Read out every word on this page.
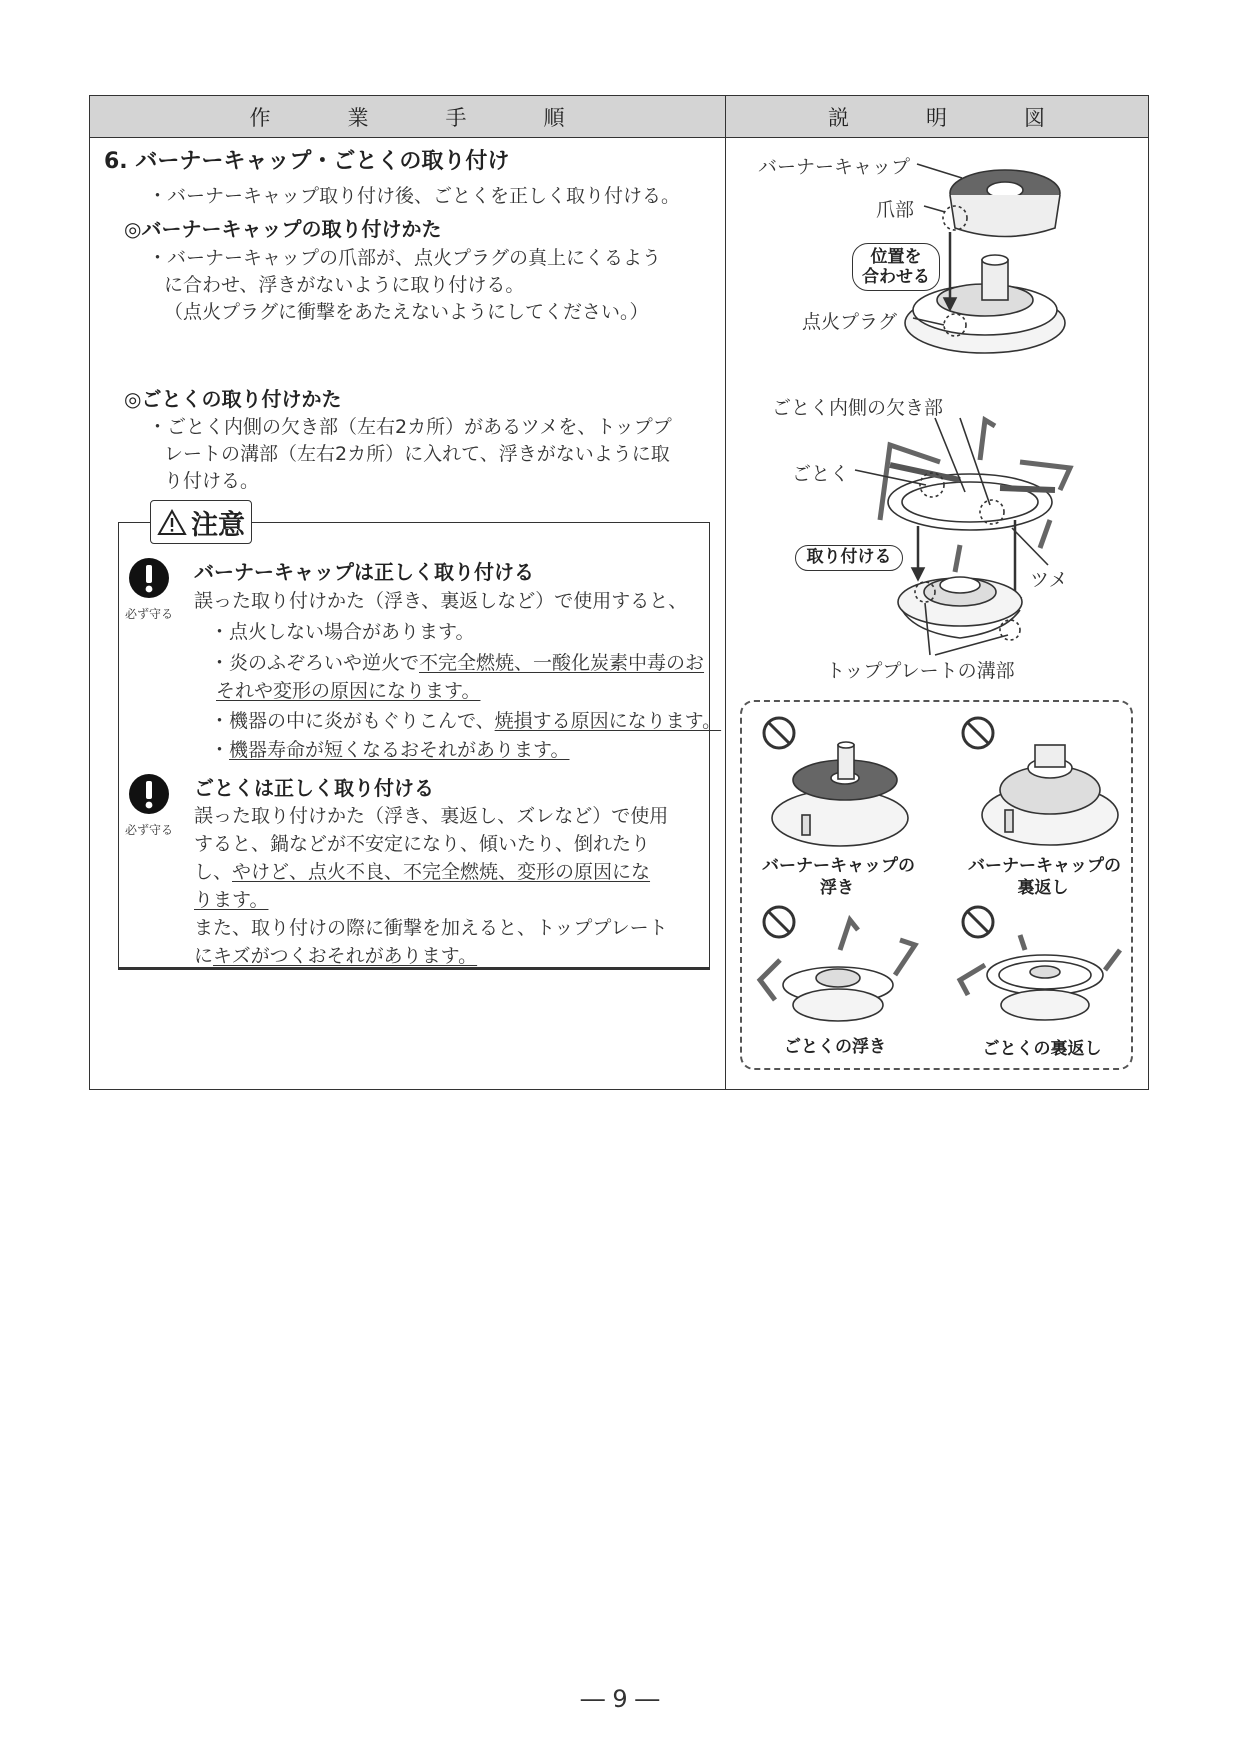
作	業	手	順	説	明	図
6. バーナーキャップ・ごとくの取り付け
・バーナーキャップ取り付け後、ごとくを正しく取り付ける。
◎バーナーキャップの取り付けかた
・バーナーキャップの爪部が、点火プラグの真上にくるよう
に合わせ、浮きがないように取り付ける。
（点火プラグに衝撃をあたえないようにしてください。）
◎ごとくの取り付けかた
・ごとく内側の欠き部（左右2カ所）があるツメを、トッププ
レートの溝部（左右2カ所）に入れて、浮きがないように取
り付ける。
注意
必ず守る
バーナーキャップは正しく取り付ける
誤った取り付けかた（浮き、裏返しなど）で使用すると、
・点火しない場合があります。
・炎のふぞろいや逆火で不完全燃焼、一酸化炭素中毒のお
それや変形の原因になります。
・機器の中に炎がもぐりこんで、焼損する原因になります。
・機器寿命が短くなるおそれがあります。
必ず守る
ごとくは正しく取り付ける
誤った取り付けかた（浮き、裏返し、ズレなど）で使用
すると、鍋などが不安定になり、傾いたり、倒れたり
し、やけど、点火不良、不完全燃焼、変形の原因にな
ります。
また、取り付けの際に衝撃を加えると、トッププレート
にキズがつくおそれがあります。
バーナーキャップ
爪部
位置を
合わせる
点火プラグ
ごとく内側の欠き部
ごとく
取り付ける
ツメ
トッププレートの溝部
バーナーキャップの
浮き
バーナーキャップの
裏返し
ごとくの浮き	ごとくの裏返し
― 9 ―
